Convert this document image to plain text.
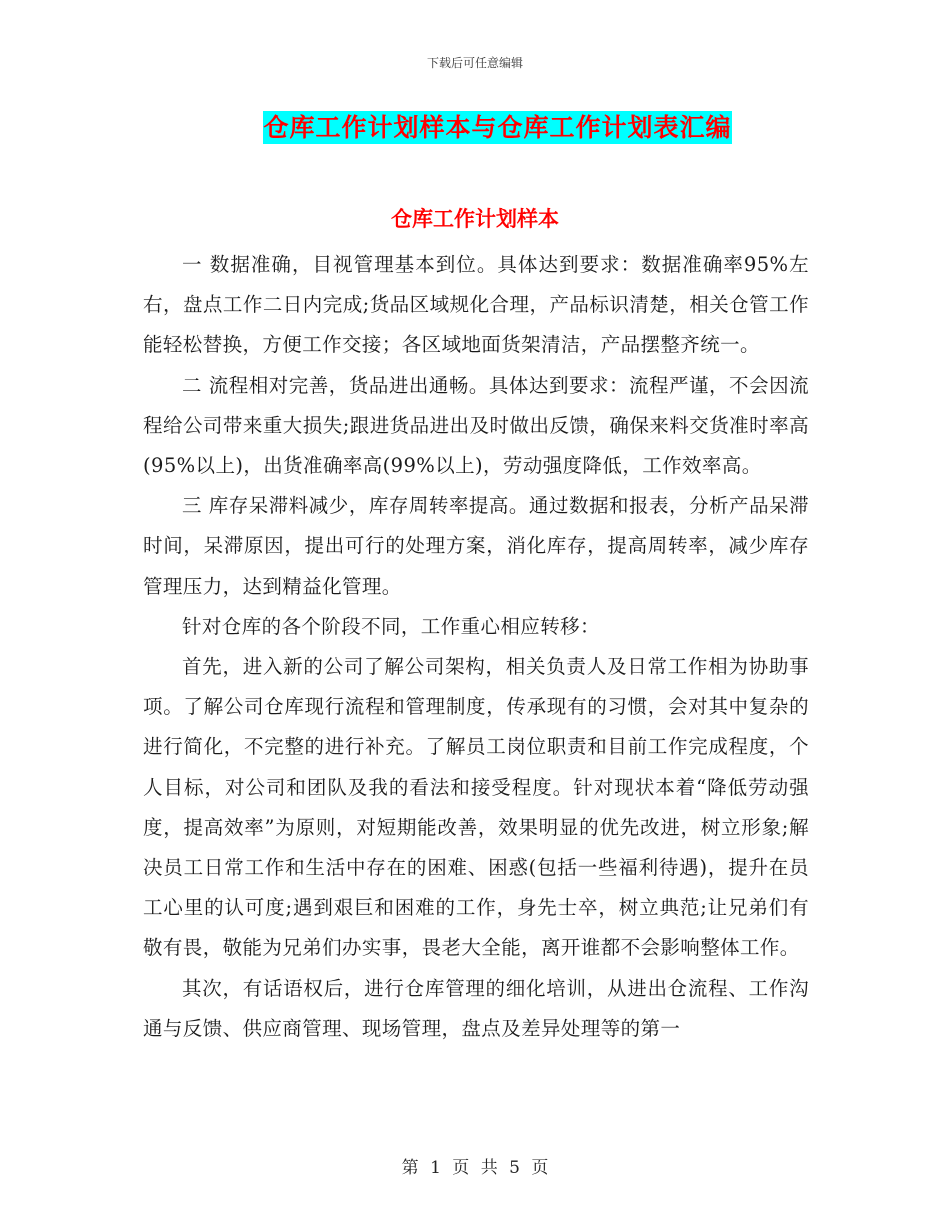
下载后可任意编辑
仓库工作计划样本与仓库工作计划表汇编
仓库工作计划样本

一 数据准确，目视管理基本到位。具体达到要求：数据准确率95%左右，盘点工作二日内完成;货品区域规化合理，产品标识清楚，相关仓管工作能轻松替换，方便工作交接；各区域地面货架清洁，产品摆整齐统一。

二 流程相对完善，货品进出通畅。具体达到要求：流程严谨，不会因流程给公司带来重大损失;跟进货品进出及时做出反馈，确保来料交货准时率高(95%以上)，出货准确率高(99%以上)，劳动强度降低，工作效率高。

三 库存呆滞料减少，库存周转率提高。通过数据和报表，分析产品呆滞时间，呆滞原因，提出可行的处理方案，消化库存，提高周转率，减少库存管理压力，达到精益化管理。

针对仓库的各个阶段不同，工作重心相应转移：

首先，进入新的公司了解公司架构，相关负责人及日常工作相为协助事项。了解公司仓库现行流程和管理制度，传承现有的习惯，会对其中复杂的进行简化，不完整的进行补充。了解员工岗位职责和目前工作完成程度，个人目标，对公司和团队及我的看法和接受程度。针对现状本着“降低劳动强度，提高效率”为原则，对短期能改善，效果明显的优先改进，树立形象;解决员工日常工作和生活中存在的困难、困惑(包括一些福利待遇)，提升在员工心里的认可度;遇到艰巨和困难的工作，身先士卒，树立典范;让兄弟们有敬有畏，敬能为兄弟们办实事，畏老大全能，离开谁都不会影响整体工作。

其次，有话语权后，进行仓库管理的细化培训，从进出仓流程、工作沟通与反馈、供应商管理、现场管理，盘点及差异处理等的第一

第 1 页 共 5 页
